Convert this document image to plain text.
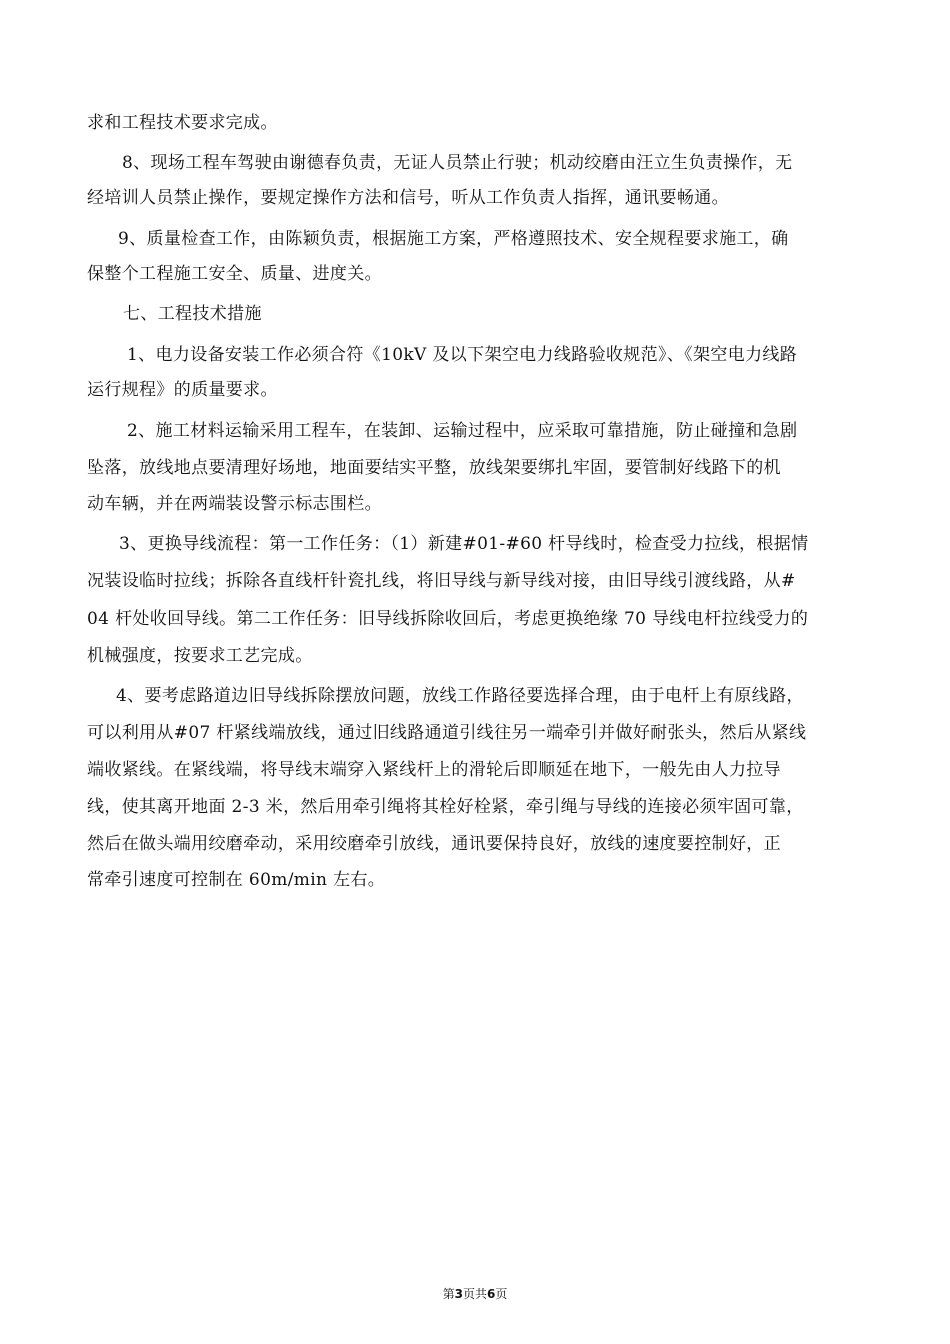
求和工程技术要求完成。
8、现场工程车驾驶由谢德春负责，无证人员禁止行驶；机动绞磨由汪立生负责操作，无
经培训人员禁止操作，要规定操作方法和信号，听从工作负责人指挥，通讯要畅通。
9、质量检查工作，由陈颖负责，根据施工方案，严格遵照技术、安全规程要求施工，确
保整个工程施工安全、质量、进度关。
七、工程技术措施
1、电力设备安装工作必须合符《10kV 及以下架空电力线路验收规范》、《架空电力线路
运行规程》的质量要求。
2、施工材料运输采用工程车，在装卸、运输过程中，应采取可靠措施，防止碰撞和急剧
坠落，放线地点要清理好场地，地面要结实平整，放线架要绑扎牢固，要管制好线路下的机
动车辆，并在两端装设警示标志围栏。
3、更换导线流程：第一工作任务：（1）新建#01-#60 杆导线时，检查受力拉线，根据情
况装设临时拉线；拆除各直线杆针瓷扎线，将旧导线与新导线对接，由旧导线引渡线路，从#
04 杆处收回导线。第二工作任务：旧导线拆除收回后，考虑更换绝缘 70 导线电杆拉线受力的
机械强度，按要求工艺完成。
4、要考虑路道边旧导线拆除摆放问题，放线工作路径要选择合理，由于电杆上有原线路，
可以利用从#07 杆紧线端放线，通过旧线路通道引线往另一端牵引并做好耐张头，然后从紧线
端收紧线。在紧线端，将导线末端穿入紧线杆上的滑轮后即顺延在地下，一般先由人力拉导
线，使其离开地面 2-3 米，然后用牵引绳将其栓好栓紧，牵引绳与导线的连接必须牢固可靠，
然后在做头端用绞磨牵动，采用绞磨牵引放线，通讯要保持良好，放线的速度要控制好，正
常牵引速度可控制在 60m/min 左右。
第3页共6页
